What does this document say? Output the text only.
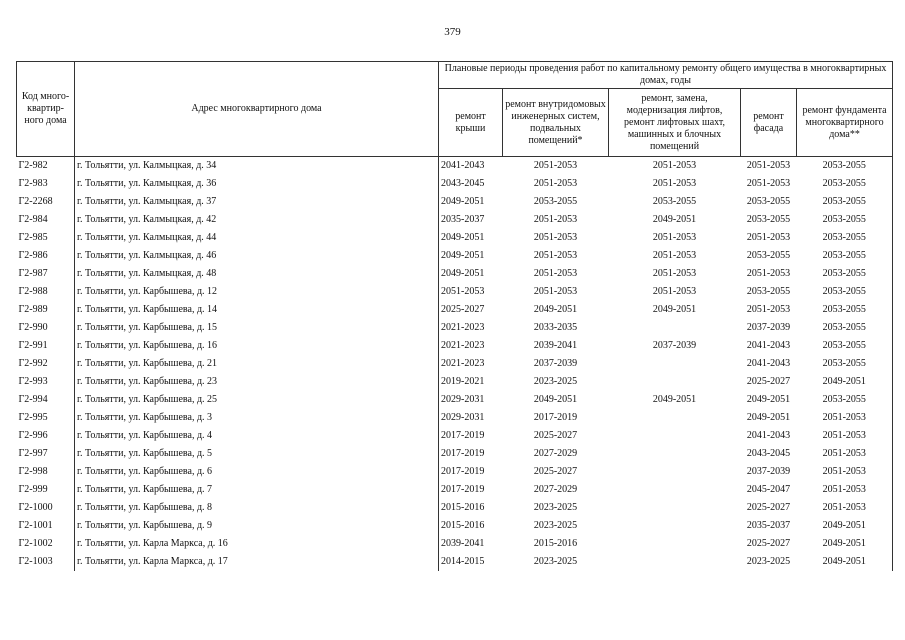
379
Код много-квартир-ного дома	Адрес многоквартирного дома	Плановые периоды проведения работ по капитальному ремонту общего имущества в многоквартирных домах, годы				
		ремонт крыши	ремонт внутридомовых инженерных систем, подвальных помещений*	ремонт, замена, модернизация лифтов, ремонт лифтовых шахт, машинных и блочных помещений	ремонт фасада	ремонт фундамента многоквартирного дома**
Г2-982	г. Тольятти, ул. Калмыцкая, д. 34	2041-2043	2051-2053	2051-2053	2051-2053	2053-2055
Г2-983	г. Тольятти, ул. Калмыцкая, д. 36	2043-2045	2051-2053	2051-2053	2051-2053	2053-2055
Г2-2268	г. Тольятти, ул. Калмыцкая, д. 37	2049-2051	2053-2055	2053-2055	2053-2055	2053-2055
Г2-984	г. Тольятти, ул. Калмыцкая, д. 42	2035-2037	2051-2053	2049-2051	2053-2055	2053-2055
Г2-985	г. Тольятти, ул. Калмыцкая, д. 44	2049-2051	2051-2053	2051-2053	2051-2053	2053-2055
Г2-986	г. Тольятти, ул. Калмыцкая, д. 46	2049-2051	2051-2053	2051-2053	2053-2055	2053-2055
Г2-987	г. Тольятти, ул. Калмыцкая, д. 48	2049-2051	2051-2053	2051-2053	2051-2053	2053-2055
Г2-988	г. Тольятти, ул. Карбышева, д. 12	2051-2053	2051-2053	2051-2053	2053-2055	2053-2055
Г2-989	г. Тольятти, ул. Карбышева, д. 14	2025-2027	2049-2051	2049-2051	2051-2053	2053-2055
Г2-990	г. Тольятти, ул. Карбышева, д. 15	2021-2023	2033-2035		2037-2039	2053-2055
Г2-991	г. Тольятти, ул. Карбышева, д. 16	2021-2023	2039-2041	2037-2039	2041-2043	2053-2055
Г2-992	г. Тольятти, ул. Карбышева, д. 21	2021-2023	2037-2039		2041-2043	2053-2055
Г2-993	г. Тольятти, ул. Карбышева, д. 23	2019-2021	2023-2025		2025-2027	2049-2051
Г2-994	г. Тольятти, ул. Карбышева, д. 25	2029-2031	2049-2051	2049-2051	2049-2051	2053-2055
Г2-995	г. Тольятти, ул. Карбышева, д. 3	2029-2031	2017-2019		2049-2051	2051-2053
Г2-996	г. Тольятти, ул. Карбышева, д. 4	2017-2019	2025-2027		2041-2043	2051-2053
Г2-997	г. Тольятти, ул. Карбышева, д. 5	2017-2019	2027-2029		2043-2045	2051-2053
Г2-998	г. Тольятти, ул. Карбышева, д. 6	2017-2019	2025-2027		2037-2039	2051-2053
Г2-999	г. Тольятти, ул. Карбышева, д. 7	2017-2019	2027-2029		2045-2047	2051-2053
Г2-1000	г. Тольятти, ул. Карбышева, д. 8	2015-2016	2023-2025		2025-2027	2051-2053
Г2-1001	г. Тольятти, ул. Карбышева, д. 9	2015-2016	2023-2025		2035-2037	2049-2051
Г2-1002	г. Тольятти, ул. Карла Маркса, д. 16	2039-2041	2015-2016		2025-2027	2049-2051
Г2-1003	г. Тольятти, ул. Карла Маркса, д. 17	2014-2015	2023-2025		2023-2025	2049-2051
